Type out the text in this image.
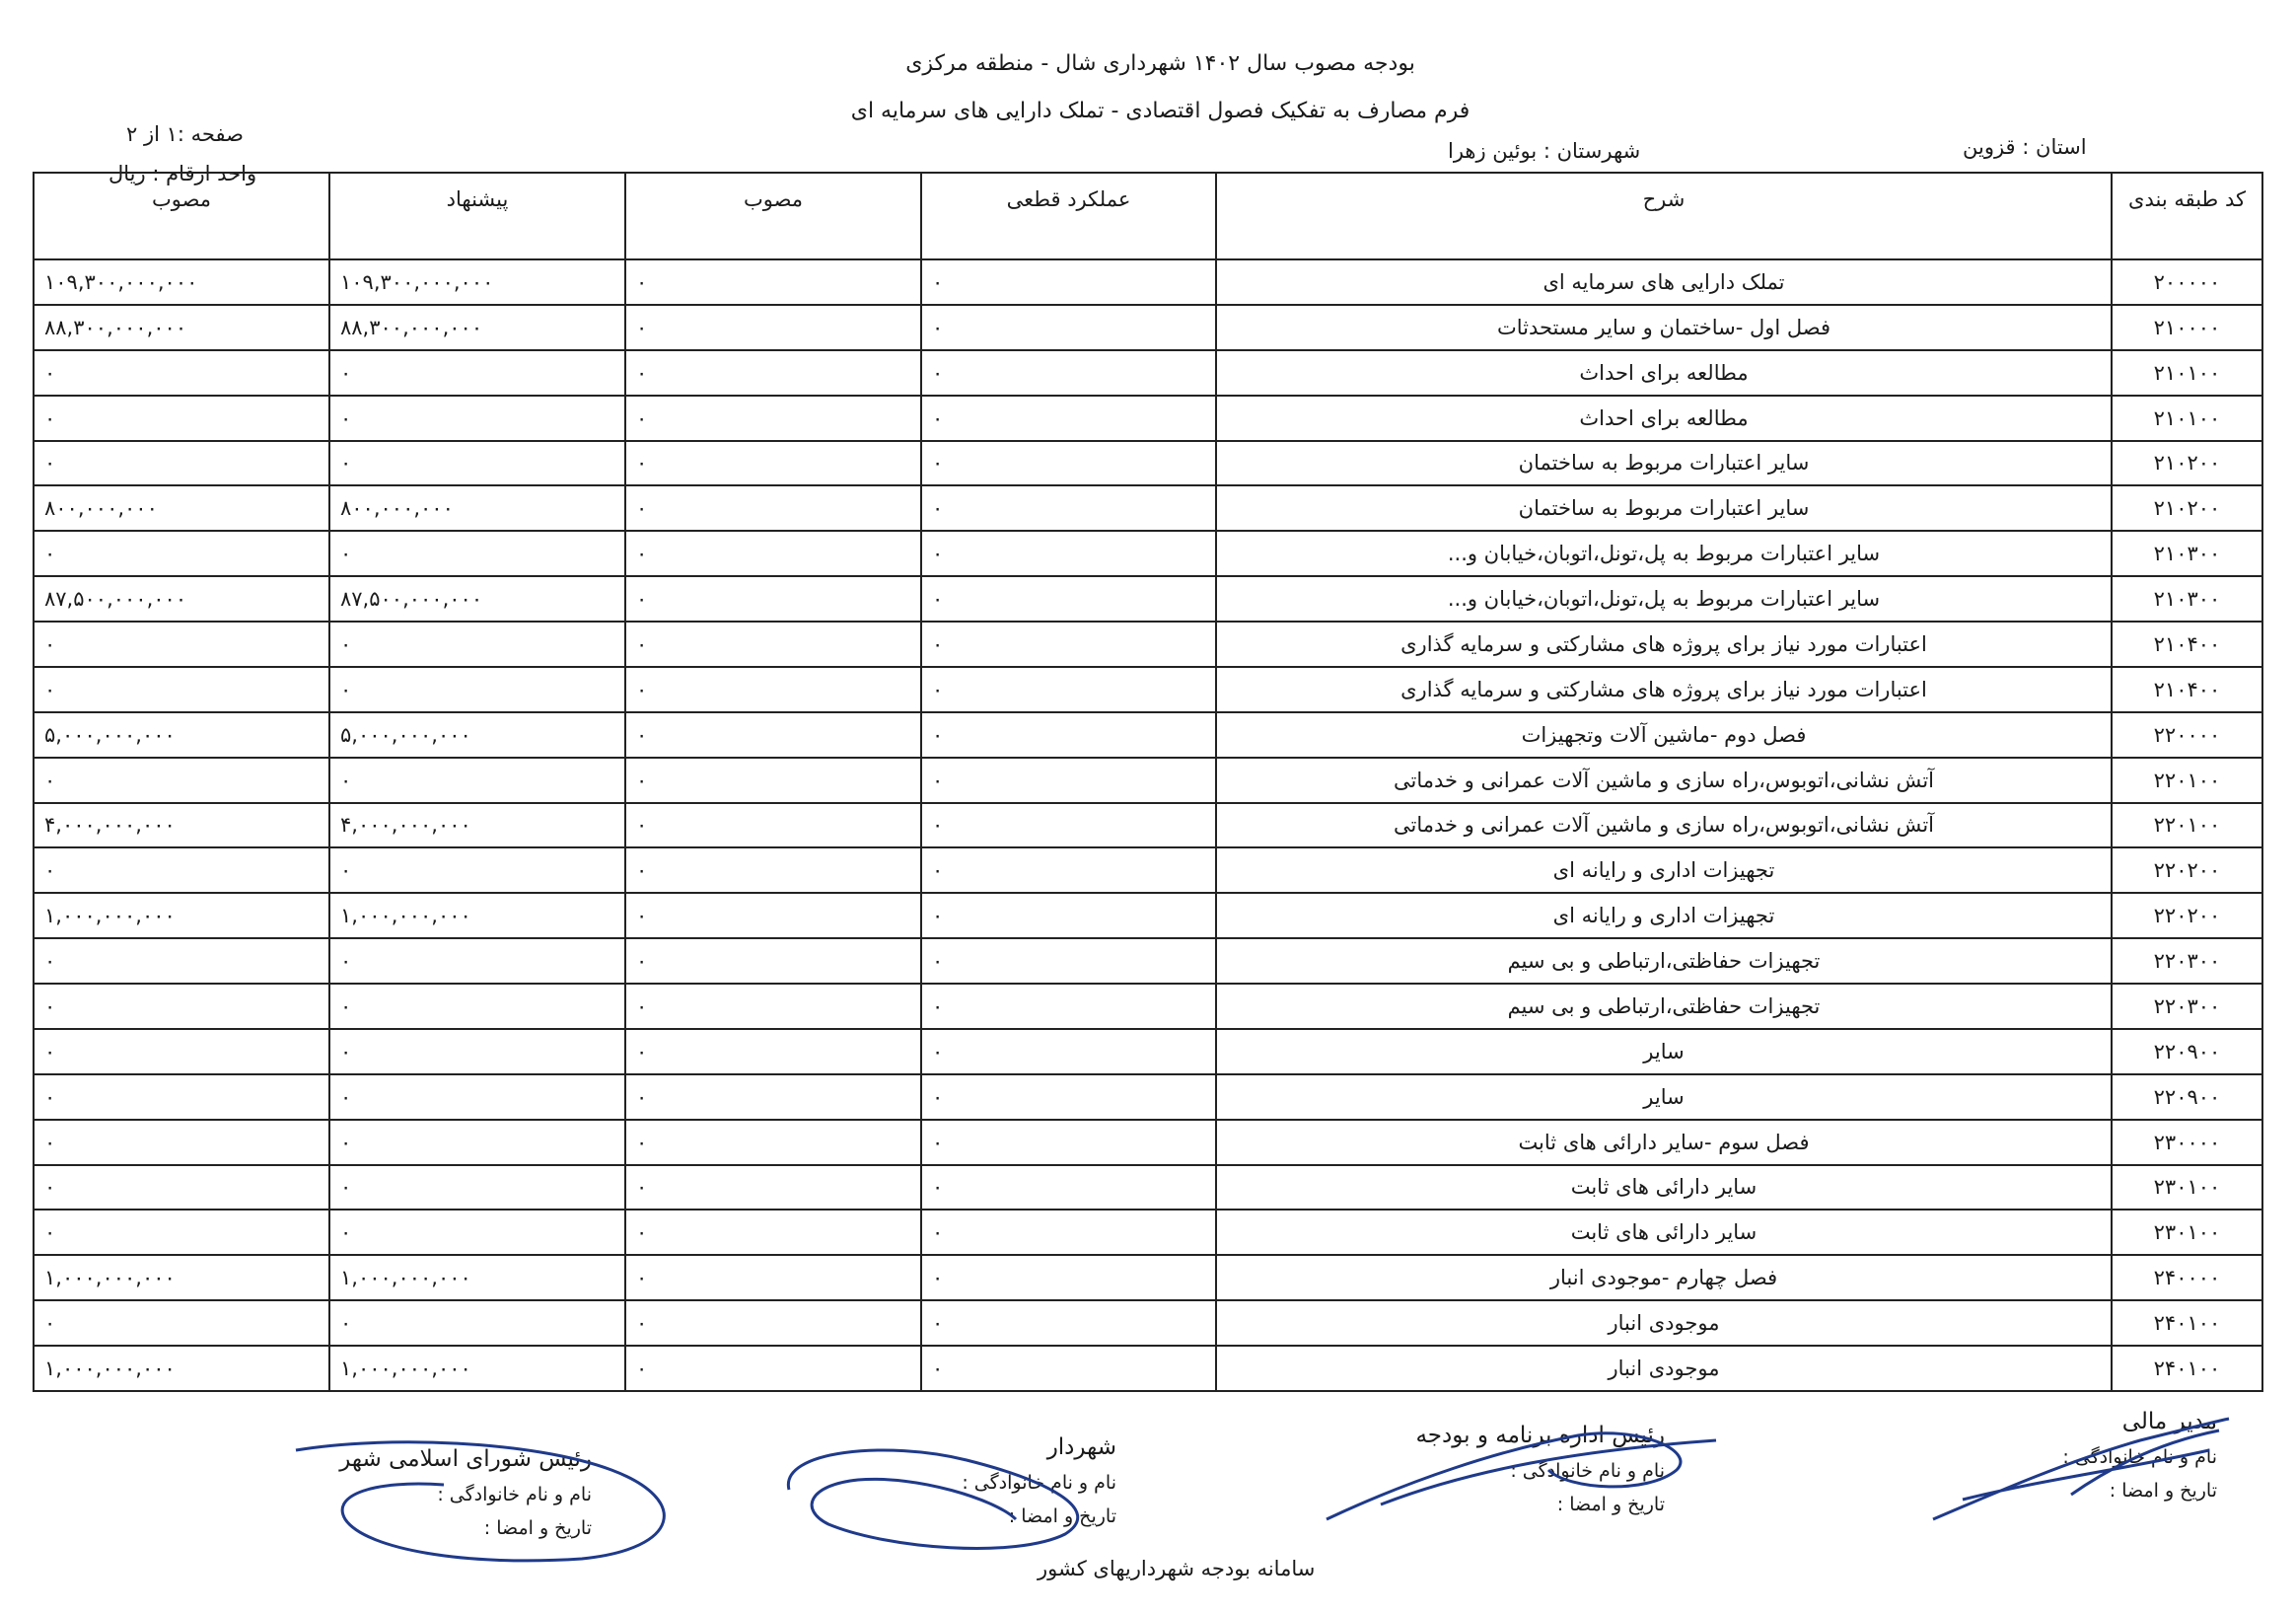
بودجه مصوب سال ۱۴۰۲ شهرداری شال - منطقه مرکزی
فرم مصارف به تفکیک فصول اقتصادی - تملک دارایی های سرمایه ای
صفحه :۱ از ۲
واحد ارقام : ریال
استان : قزوین
شهرستان : بوئین زهرا
کد طبقه بندی	شرح	عملکرد قطعی	مصوب	پیشنهاد	مصوب
۲۰۰۰۰۰	تملک دارایی های سرمایه ای	۰	۰	۱۰۹,۳۰۰,۰۰۰,۰۰۰	۱۰۹,۳۰۰,۰۰۰,۰۰۰
۲۱۰۰۰۰	فصل اول -ساختمان و سایر مستحدثات	۰	۰	۸۸,۳۰۰,۰۰۰,۰۰۰	۸۸,۳۰۰,۰۰۰,۰۰۰
۲۱۰۱۰۰	مطالعه برای احداث	۰	۰	۰	۰
۲۱۰۱۰۰	مطالعه برای احداث	۰	۰	۰	۰
۲۱۰۲۰۰	سایر اعتبارات مربوط به ساختمان	۰	۰	۰	۰
۲۱۰۲۰۰	سایر اعتبارات مربوط به ساختمان	۰	۰	۸۰۰,۰۰۰,۰۰۰	۸۰۰,۰۰۰,۰۰۰
۲۱۰۳۰۰	سایر اعتبارات مربوط به پل،تونل،اتوبان،خیابان و...	۰	۰	۰	۰
۲۱۰۳۰۰	سایر اعتبارات مربوط به پل،تونل،اتوبان،خیابان و...	۰	۰	۸۷,۵۰۰,۰۰۰,۰۰۰	۸۷,۵۰۰,۰۰۰,۰۰۰
۲۱۰۴۰۰	اعتبارات مورد نیاز برای پروژه های مشارکتی و سرمایه گذاری	۰	۰	۰	۰
۲۱۰۴۰۰	اعتبارات مورد نیاز برای پروژه های مشارکتی و سرمایه گذاری	۰	۰	۰	۰
۲۲۰۰۰۰	فصل دوم -ماشین آلات وتجهیزات	۰	۰	۵,۰۰۰,۰۰۰,۰۰۰	۵,۰۰۰,۰۰۰,۰۰۰
۲۲۰۱۰۰	آتش نشانی،اتوبوس،راه سازی و ماشین آلات عمرانی و خدماتی	۰	۰	۰	۰
۲۲۰۱۰۰	آتش نشانی،اتوبوس،راه سازی و ماشین آلات عمرانی و خدماتی	۰	۰	۴,۰۰۰,۰۰۰,۰۰۰	۴,۰۰۰,۰۰۰,۰۰۰
۲۲۰۲۰۰	تجهیزات اداری و رایانه ای	۰	۰	۰	۰
۲۲۰۲۰۰	تجهیزات اداری و رایانه ای	۰	۰	۱,۰۰۰,۰۰۰,۰۰۰	۱,۰۰۰,۰۰۰,۰۰۰
۲۲۰۳۰۰	تجهیزات حفاظتی،ارتباطی و بی سیم	۰	۰	۰	۰
۲۲۰۳۰۰	تجهیزات حفاظتی،ارتباطی و بی سیم	۰	۰	۰	۰
۲۲۰۹۰۰	سایر	۰	۰	۰	۰
۲۲۰۹۰۰	سایر	۰	۰	۰	۰
۲۳۰۰۰۰	فصل سوم -سایر دارائی های ثابت	۰	۰	۰	۰
۲۳۰۱۰۰	سایر دارائی های ثابت	۰	۰	۰	۰
۲۳۰۱۰۰	سایر دارائی های ثابت	۰	۰	۰	۰
۲۴۰۰۰۰	فصل چهارم -موجودی انبار	۰	۰	۱,۰۰۰,۰۰۰,۰۰۰	۱,۰۰۰,۰۰۰,۰۰۰
۲۴۰۱۰۰	موجودی انبار	۰	۰	۰	۰
۲۴۰۱۰۰	موجودی انبار	۰	۰	۱,۰۰۰,۰۰۰,۰۰۰	۱,۰۰۰,۰۰۰,۰۰۰
مدیر مالی
نام و نام خانوادگی :
تاریخ و امضا :
رئیس اداره برنامه و بودجه
نام و نام خانوادگی :
تاریخ و امضا :
شهردار
نام و نام خانوادگی :
تاریخ و امضا :
رئیس شورای اسلامی شهر
نام و نام خانوادگی :
تاریخ و امضا :
سامانه بودجه شهرداریهای کشور
